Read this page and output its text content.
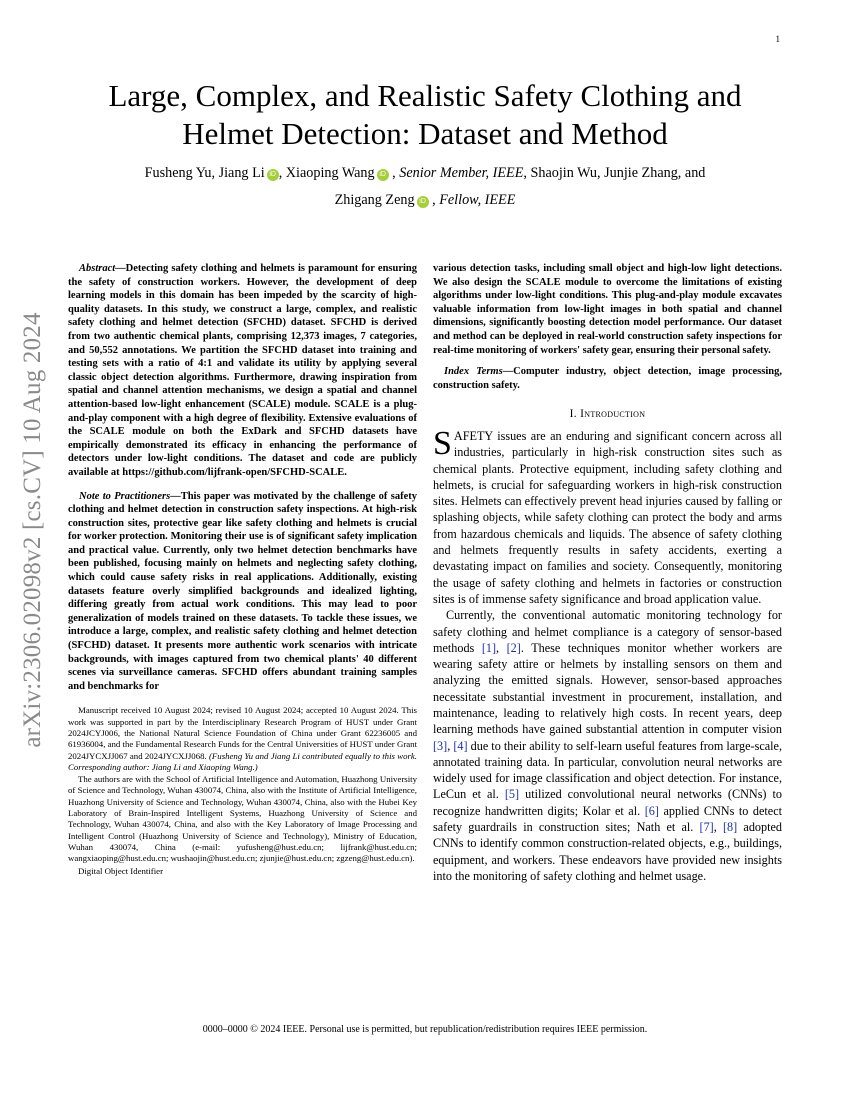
1
arXiv:2306.02098v2 [cs.CV] 10 Aug 2024
Large, Complex, and Realistic Safety Clothing and Helmet Detection: Dataset and Method
Fusheng Yu, Jiang Li iD , Xiaoping Wang iD , Senior Member, IEEE, Shaojin Wu, Junjie Zhang, and
Zhigang Zeng iD , Fellow, IEEE

Abstract—Detecting safety clothing and helmets is paramount for ensuring the safety of construction workers. However, the development of deep learning models in this domain has been impeded by the scarcity of high-quality datasets. In this study, we construct a large, complex, and realistic safety clothing and helmet detection (SFCHD) dataset. SFCHD is derived from two authentic chemical plants, comprising 12,373 images, 7 categories, and 50,552 annotations. We partition the SFCHD dataset into training and testing sets with a ratio of 4:1 and validate its utility by applying several classic object detection algorithms. Furthermore, drawing inspiration from spatial and channel attention mechanisms, we design a spatial and channel attention-based low-light enhancement (SCALE) module. SCALE is a plug-and-play component with a high degree of flexibility. Extensive evaluations of the SCALE module on both the ExDark and SFCHD datasets have empirically demonstrated its efficacy in enhancing the performance of detectors under low-light conditions. The dataset and code are publicly available at https://github.com/lijfrank-open/SFCHD-SCALE.

Note to Practitioners—This paper was motivated by the challenge of safety clothing and helmet detection in construction safety inspections. At high-risk construction sites, protective gear like safety clothing and helmets is crucial for worker protection. Monitoring their use is of significant safety implication and practical value. Currently, only two helmet detection benchmarks have been published, focusing mainly on helmets and neglecting safety clothing, which could cause safety risks in real applications. Additionally, existing datasets feature overly simplified backgrounds and idealized lighting, differing greatly from actual work conditions. This may lead to poor generalization of models trained on these datasets. To tackle these issues, we introduce a large, complex, and realistic safety clothing and helmet detection (SFCHD) dataset. It presents more authentic work scenarios with intricate backgrounds, with images captured from two chemical plants' 40 different scenes via surveillance cameras. SFCHD offers abundant training samples and benchmarks for

Manuscript received 10 August 2024; revised 10 August 2024; accepted 10 August 2024. This work was supported in part by the Interdisciplinary Research Program of HUST under Grant 2024JCYJ006, the National Natural Science Foundation of China under Grant 62236005 and 61936004, and the Fundamental Research Funds for the Central Universities of HUST under Grant 2024JYCXJJ067 and 2024JYCXJJ068. (Fusheng Yu and Jiang Li contributed equally to this work. Corresponding author: Jiang Li and Xiaoping Wang.)

The authors are with the School of Artificial Intelligence and Automation, Huazhong University of Science and Technology, Wuhan 430074, China, also with the Institute of Artificial Intelligence, Huazhong University of Science and Technology, Wuhan 430074, China, also with the Hubei Key Laboratory of Brain-Inspired Intelligent Systems, Huazhong University of Science and Technology, Wuhan 430074, China, and also with the Key Laboratory of Image Processing and Intelligent Control (Huazhong University of Science and Technology), Ministry of Education, Wuhan 430074, China (e-mail: yufusheng@hust.edu.cn; lijfrank@hust.edu.cn; wangxiaoping@hust.edu.cn; wushaojin@hust.edu.cn; zjunjie@hust.edu.cn; zgzeng@hust.edu.cn).

Digital Object Identifier

various detection tasks, including small object and high-low light detections. We also design the SCALE module to overcome the limitations of existing algorithms under low-light conditions. This plug-and-play module excavates valuable information from low-light images in both spatial and channel dimensions, significantly boosting detection model performance. Our dataset and method can be deployed in real-world construction safety inspections for real-time monitoring of workers' safety gear, ensuring their personal safety.

Index Terms—Computer industry, object detection, image processing, construction safety.

I. Introduction

SAFETY issues are an enduring and significant concern across all industries, particularly in high-risk construction sites such as chemical plants. Protective equipment, including safety clothing and helmets, is crucial for safeguarding workers in high-risk construction sites. Helmets can effectively prevent head injuries caused by falling or splashing objects, while safety clothing can protect the body and arms from hazardous chemicals and liquids. The absence of safety clothing and helmets frequently results in safety accidents, exerting a devastating impact on families and society. Consequently, monitoring the usage of safety clothing and helmets in factories or construction sites is of immense safety significance and broad application value.

Currently, the conventional automatic monitoring technology for safety clothing and helmet compliance is a category of sensor-based methods [1], [2]. These techniques monitor whether workers are wearing safety attire or helmets by installing sensors on them and analyzing the emitted signals. However, sensor-based approaches necessitate substantial investment in procurement, installation, and maintenance, leading to relatively high costs. In recent years, deep learning methods have gained substantial attention in computer vision [3], [4] due to their ability to self-learn useful features from large-scale, annotated training data. In particular, convolution neural networks are widely used for image classification and object detection. For instance, LeCun et al. [5] utilized convolutional neural networks (CNNs) to recognize handwritten digits; Kolar et al. [6] applied CNNs to detect safety guardrails in construction sites; Nath et al. [7], [8] adopted CNNs to identify common construction-related objects, e.g., buildings, equipment, and workers. These endeavors have provided new insights into the monitoring of safety clothing and helmet usage.

0000–0000 © 2024 IEEE. Personal use is permitted, but republication/redistribution requires IEEE permission.
